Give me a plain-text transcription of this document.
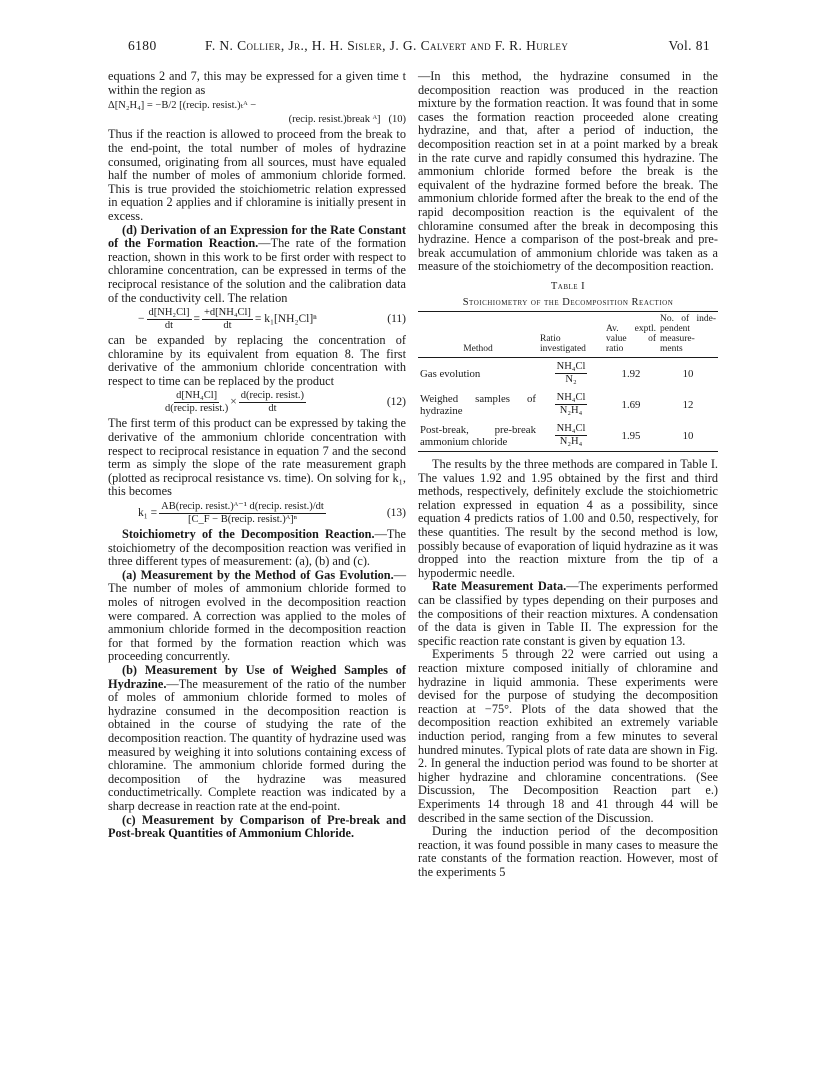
6180	F. N. Collier, Jr., H. H. Sisler, J. G. Calvert and F. R. Hurley	Vol. 81

equations 2 and 7, this may be expressed for a given time t within the region as

Δ[N₂H₄] = −B/2 [(recip. resist.)ₜᴬ −
(recip. resist.)break ᴬ] (10)

Thus if the reaction is allowed to proceed from the break to the end-point, the total number of moles of hydrazine consumed, originating from all sources, must have equaled half the number of moles of ammonium chloride formed. This is true provided the stoichiometric relation expressed in equation 2 applies and if chloramine is initially present in excess.

(d) Derivation of an Expression for the Rate Constant of the Formation Reaction.—The rate of the formation reaction, shown in this work to be first order with respect to chloramine concentration, can be expressed in terms of the reciprocal resistance of the solution and the calibration data of the conductivity cell. The relation

− $\frac{\text{d[NH₂Cl]}}{dt} = \frac{\text{+d[NH₄Cl]}}{dt} = k_1[NH_2Cl]^n$	(11)

can be expanded by replacing the concentration of chloramine by its equivalent from equation 8. The first derivative of the ammonium chloride concentration with respect to time can be replaced by the product

$\frac{\text{d[NH₄Cl]}}{\text{d(recip. resist.)}} \times \frac{\text{d(recip. resist.)}}{dt}$	(12)

The first term of this product can be expressed by taking the derivative of the ammonium chloride concentration with respect to reciprocal resistance in equation 7 and the second term as simply the slope of the rate measurement graph (plotted as reciprocal resistance vs. time). On solving for k₁, this becomes

$k_1 = \frac{\text{AB(recip. resist.)ᴬ⁻¹ d(recip. resist.)/dt}}{\text{[C\_F − B(recip. resist.)ᴬ]ⁿ}}$	(13)

Stoichiometry of the Decomposition Reaction.—The stoichiometry of the decomposition reaction was verified in three different types of measurement: (a), (b) and (c).

(a) Measurement by the Method of Gas Evolution.—The number of moles of ammonium chloride formed to moles of nitrogen evolved in the decomposition reaction were compared. A correction was applied to the moles of ammonium chloride formed in the decomposition reaction for that formed by the formation reaction which was proceeding concurrently.

(b) Measurement by Use of Weighed Samples of Hydrazine.—The measurement of the ratio of the number of moles of ammonium chloride formed to moles of hydrazine consumed in the decomposition reaction is obtained in the course of studying the rate of the decomposition reaction. The quantity of hydrazine used was measured by weighing it into solutions containing excess of chloramine. The ammonium chloride formed during the decomposition of the hydrazine was measured conductimetrically. Complete reaction was indicated by a sharp decrease in reaction rate at the end-point.

(c) Measurement by Comparison of Pre-break and Post-break Quantities of Ammonium Chloride.

—In this method, the hydrazine consumed in the decomposition reaction was produced in the reaction mixture by the formation reaction. It was found that in some cases the formation reaction proceeded alone creating hydrazine, and that, after a period of induction, the decomposition reaction set in at a point marked by a break in the rate curve and rapidly consumed this hydrazine. The ammonium chloride formed before the break is the equivalent of the hydrazine formed before the break. The ammonium chloride formed after the break to the end of the rapid decomposition reaction is the equivalent of the chloramine consumed after the break in decomposing this hydrazine. Hence a comparison of the post-break and pre-break accumulation of ammonium chloride was taken as a measure of the stoichiometry of the decomposition reaction.

Table I
Stoichiometry of the Decomposition Reaction
Method	Ratio investigated	Av. exptl. value of ratio	No. of inde-pendent measure-ments
Gas evolution	$\frac{\text{NH₄Cl}}{\text{N₂}}$	1.92	10
Weighed samples of hydrazine	$\frac{\text{NH₄Cl}}{\text{N₂H₄}}$	1.69	12
Post-break, pre-break ammonium chloride	$\frac{\text{NH₄Cl}}{\text{N₂H₄}}$	1.95	10

The results by the three methods are compared in Table I. The values 1.92 and 1.95 obtained by the first and third methods, respectively, definitely exclude the stoichiometric relation expressed in equation 4 as a possibility, since equation 4 predicts ratios of 1.00 and 0.50, respectively, for these quantities. The result by the second method is low, possibly because of evaporation of liquid hydrazine as it was dropped into the reaction mixture from the tip of a hypodermic needle.

Rate Measurement Data.—The experiments performed can be classified by types depending on their purposes and the compositions of their reaction mixtures. A condensation of the data is given in Table II. The expression for the specific reaction rate constant is given by equation 13.

Experiments 5 through 22 were carried out using a reaction mixture composed initially of chloramine and hydrazine in liquid ammonia. These experiments were devised for the purpose of studying the decomposition reaction at −75°. Plots of the data showed that the decomposition reaction exhibited an extremely variable induction period, ranging from a few minutes to several hundred minutes. Typical plots of rate data are shown in Fig. 2. In general the induction period was found to be shorter at higher hydrazine and chloramine concentrations. (See Discussion, The Decomposition Reaction part e.) Experiments 14 through 18 and 41 through 44 will be described in the same section of the Discussion.

During the induction period of the decomposition reaction, it was found possible in many cases to measure the rate constants of the formation reaction. However, most of the experiments 5
